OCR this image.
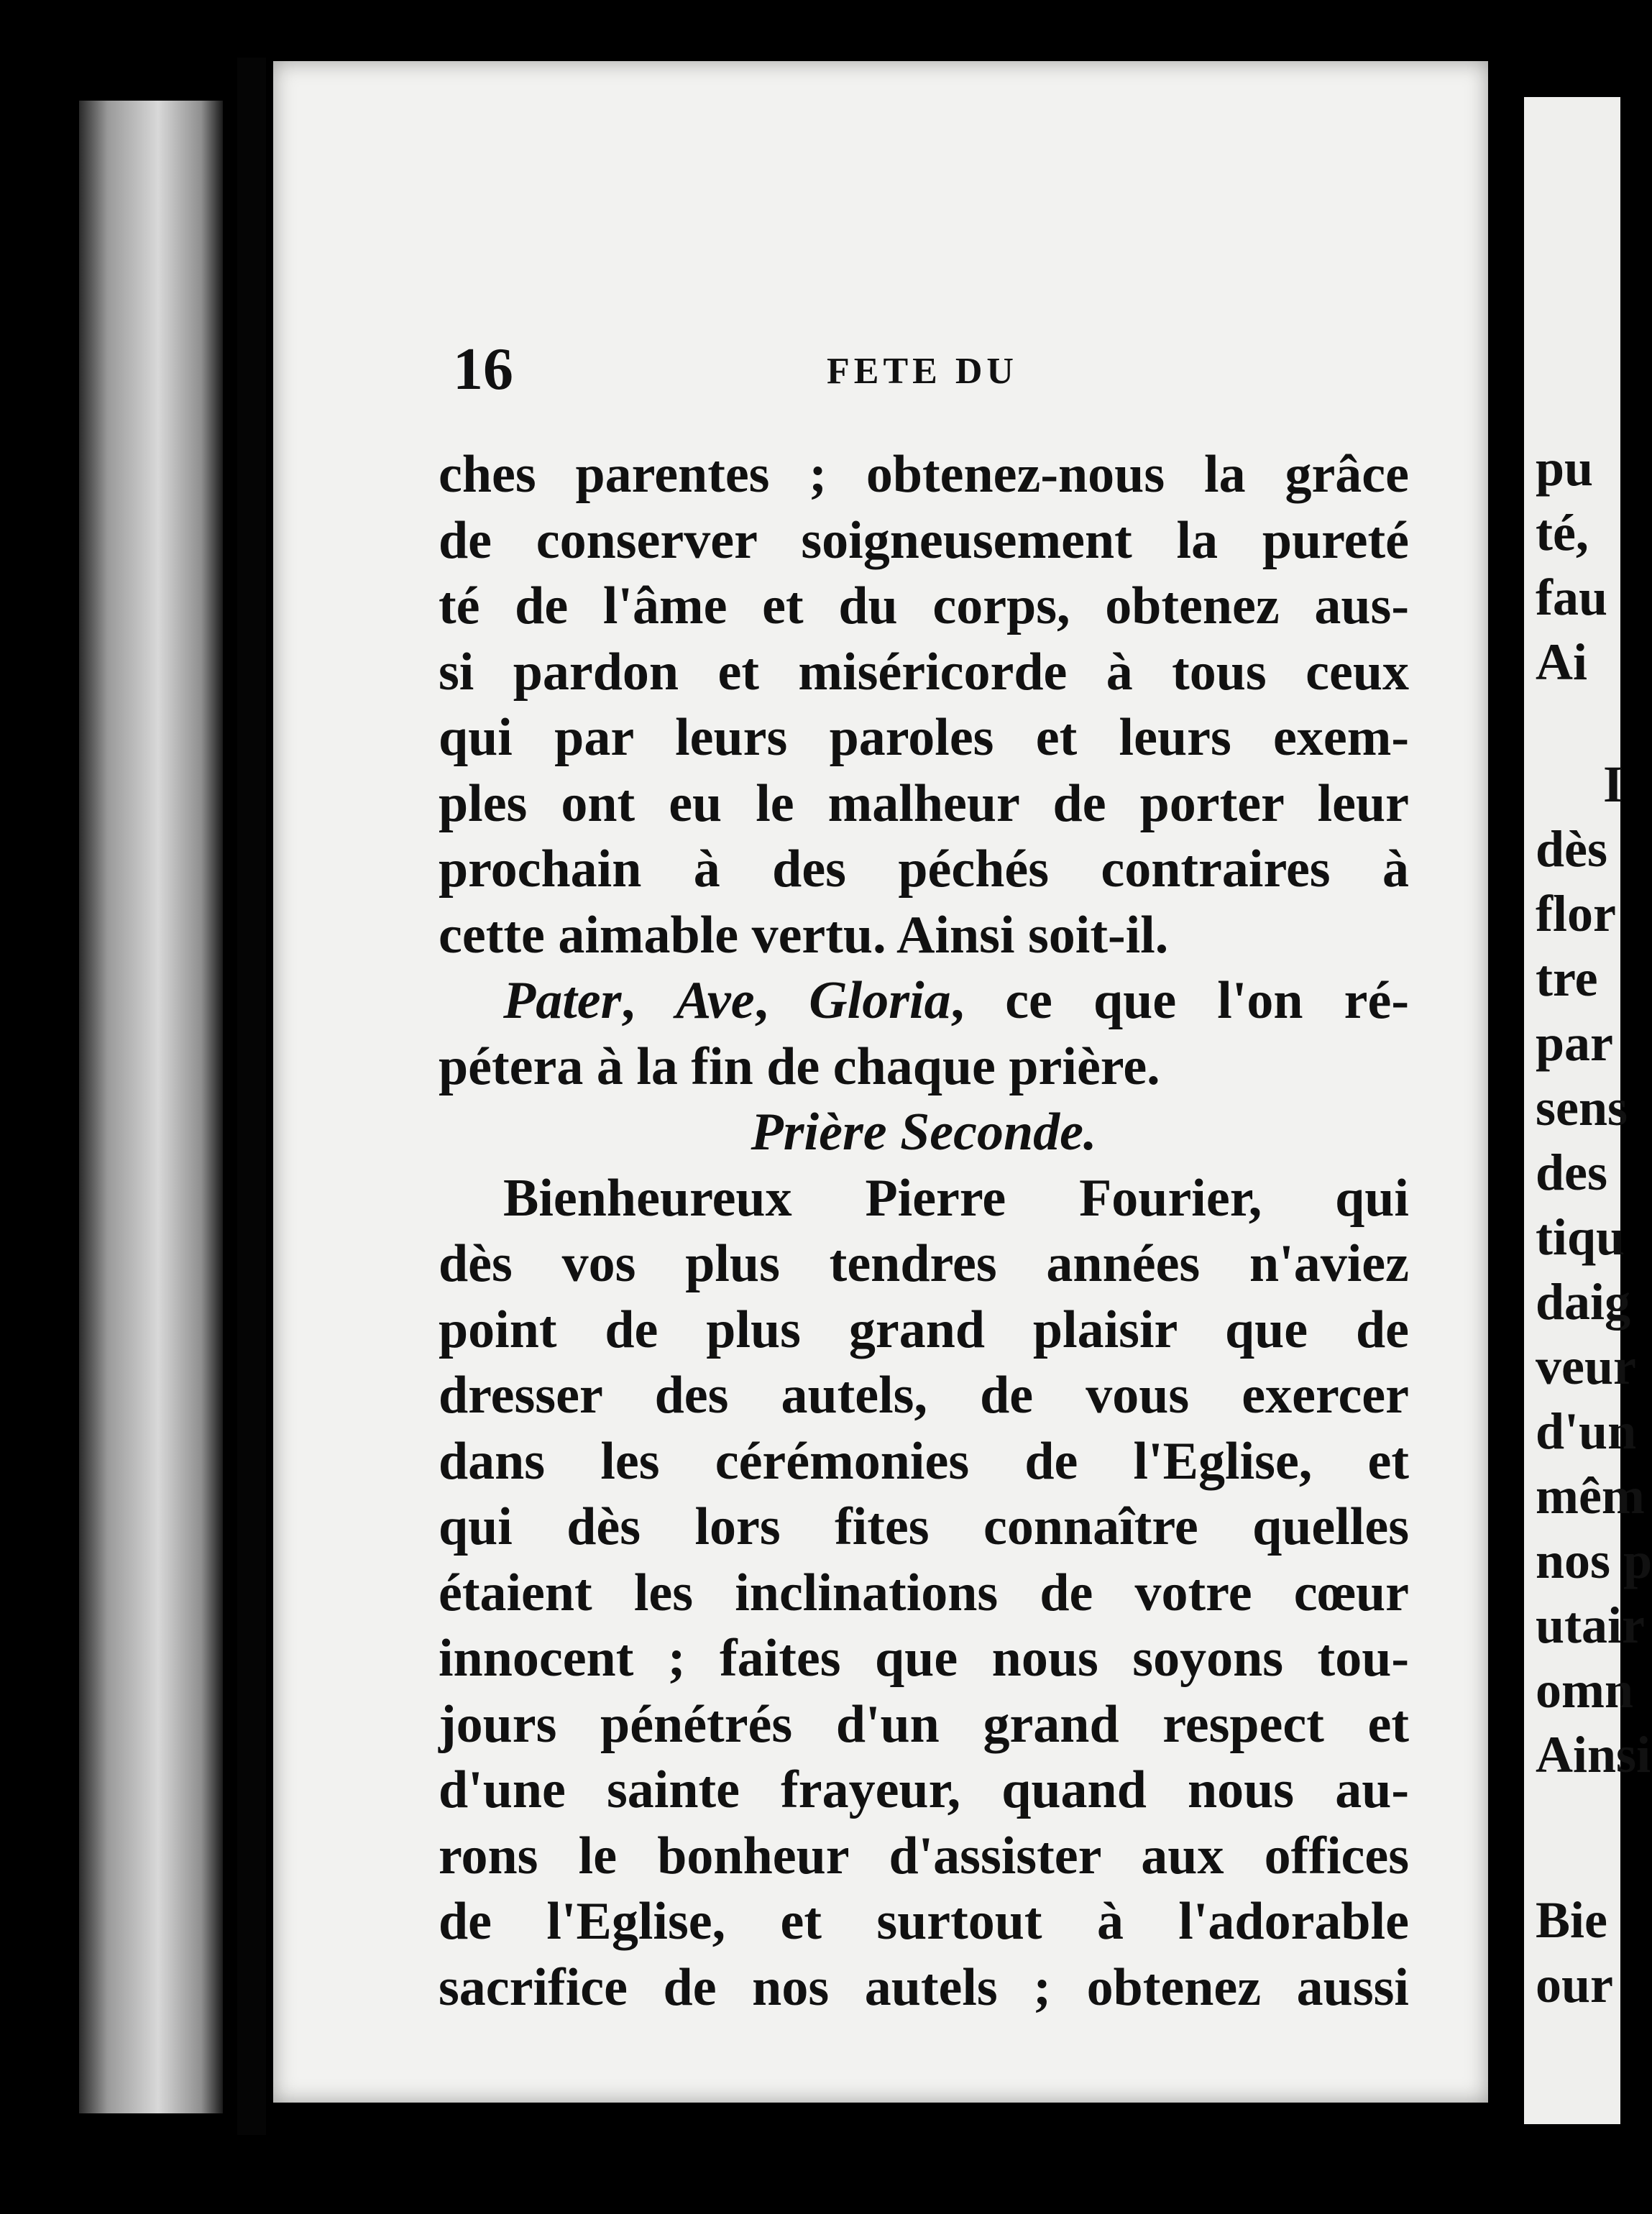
16	FETE DU
ches parentes ; obtenez-nous la grâce
de conserver soigneusement la pureté
té de l'âme et du corps, obtenez aus-
si pardon et miséricorde à tous ceux
qui par leurs paroles et leurs exem-
ples ont eu le malheur de porter leur
prochain à des péchés contraires à
cette aimable vertu. Ainsi soit-il.
Pater, Ave, Gloria, ce que l'on ré-
pétera à la fin de chaque prière.
Prière Seconde.
Bienheureux Pierre Fourier, qui
dès vos plus tendres années n'aviez
point de plus grand plaisir que de
dresser des autels, de vous exercer
dans les cérémonies de l'Eglise, et
qui dès lors fites connaître quelles
étaient les inclinations de votre cœur
innocent ; faites que nous soyons tou-
jours pénétrés d'un grand respect et
d'une sainte frayeur, quand nous au-
rons le bonheur d'assister aux offices
de l'Eglise, et surtout à l'adorable
sacrifice de nos autels ; obtenez aussi
pu
té,
fau
Ai
I
dès
flor
tre
par
sens
des
tiqu
daig
veur
d'un
mêm
nos p
utair
omn
Ainsi
Bie
our
